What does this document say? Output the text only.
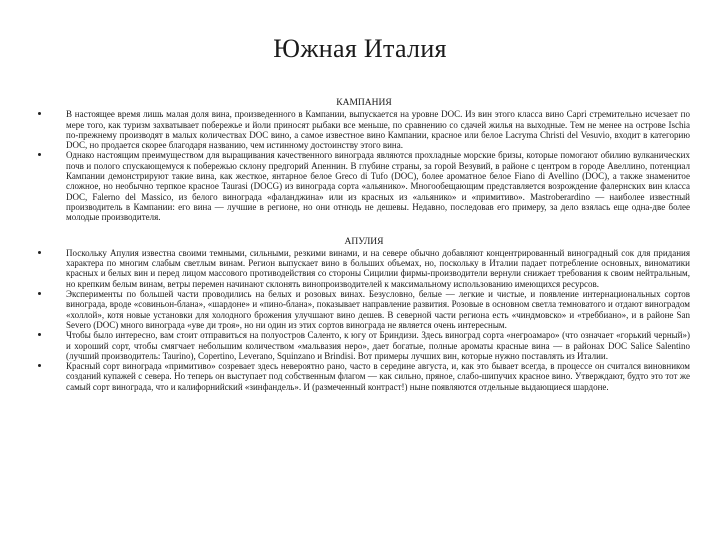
Южная Италия
КАМПАНИЯ
В настоящее время лишь малая доля вина, произведенного в Кампании, выпускается на уровне DOC. Из вин этого класса вино Capri стремительно исчезает по мере того, как туризм захватывает побережье и йоли приносят рыбаки все меньше, по сравнению со сдачей жилья на выходные. Тем не менее на острове Ischia по-прежнему производят в малых количествах DOC вино, а самое известное вино Кампании, красное или белое Lacryma Christi del Vesuvio, входит в категорию DOC, но продается скорее благодаря названию, чем истинному достоинству этого вина.
Однако настоящим преимуществом для выращивания качественного винограда являются прохладные морские бризы, которые помогают обилию вулканических почв и полого спускающемуся к побережью склону предгорий Апеннин. В глубине страны, за горой Везувий, в районе с центром в городе Авеллино, потенциал Кампании демонстрируют такие вина, как жесткое, янтарное белое Greco di Tufo (DOC), более ароматное белое Fiano di Avellino (DOC), а также знаменитое сложное, но необычно терпкое красное Taurasi (DOCG) из винограда сорта «альянико». Многообещающим представляется возрождение фалернских вин класса DOC, Falerno del Massico, из белого винограда «фаланджина» или из красных из «альянико» и «примитиво». Mastroberardino — наиболее известный производитель в Кампании: его вина — лучшие в регионе, но они отнюдь не дешевы. Недавно, последовав его примеру, за дело взялась еще одна-две более молодые производителя.
АПУЛИЯ
Поскольку Апулия известна своими темными, сильными, резкими винами, и на севере обычно добавляют концентрированный виноградный сок для придания характера по многим слабым светлым винам. Регион выпускает вино в больших объемах, но, поскольку в Италии падает потребление основных, виноматики красных и белых вин и перед лицом массового противодействия со стороны Сицилии фирмы-производители вернули снижает требования к своим нейтральным, но крепким белым винам, ветры перемен начинают склонять винопроизводителей к максимальному использованию имеющихся ресурсов.
Эксперименты по большей части проводились на белых и розовых винах. Безусловно, белые — легкие и чистые, и появление интернациональных сортов винограда, вроде «совиньон-блана», «шардоне» и «пино-блана», показывает направление развития. Розовые в основном светла темноватого и отдают виноградом «холлой», котя новые установки для холодного брожения улучшают вино дешев. В северной части региона есть «чиндмовско» и «треббиано», и в районе San Severo (DOC) много винограда «уве ди троя», но ни один из этих сортов винограда не является очень интересным.
Чтобы было интересно, вам стоит отправиться на полуостров Саленто, к югу от Бриндизи. Здесь виноград сорта «негроамаро» (что означает «горький черный») и хороший сорт, чтобы смягчает небольшим количеством «мальвазия неро», дает богатые, полные ароматы красные вина — в районах DOC Salice Salentino (лучший производитель: Taurino), Copertino, Leverano, Squinzano и Brindisi. Вот примеры лучших вин, которые нужно поставлять из Италии.
Красный сорт винограда «примитиво» созревает здесь невероятно рано, часто в середине августа, и, как это бывает всегда, в процессе он считался виновником созданий купажей с севера. Но теперь он выступает под собственным флагом — как сильно, пряное, слабо-шипучих красное вино. Утверждают, будто это тот же самый сорт винограда, что и калифорнийский «зинфандель». И (размеченный контраст!) ныне появляются отдельные выдающиеся шардоне.
